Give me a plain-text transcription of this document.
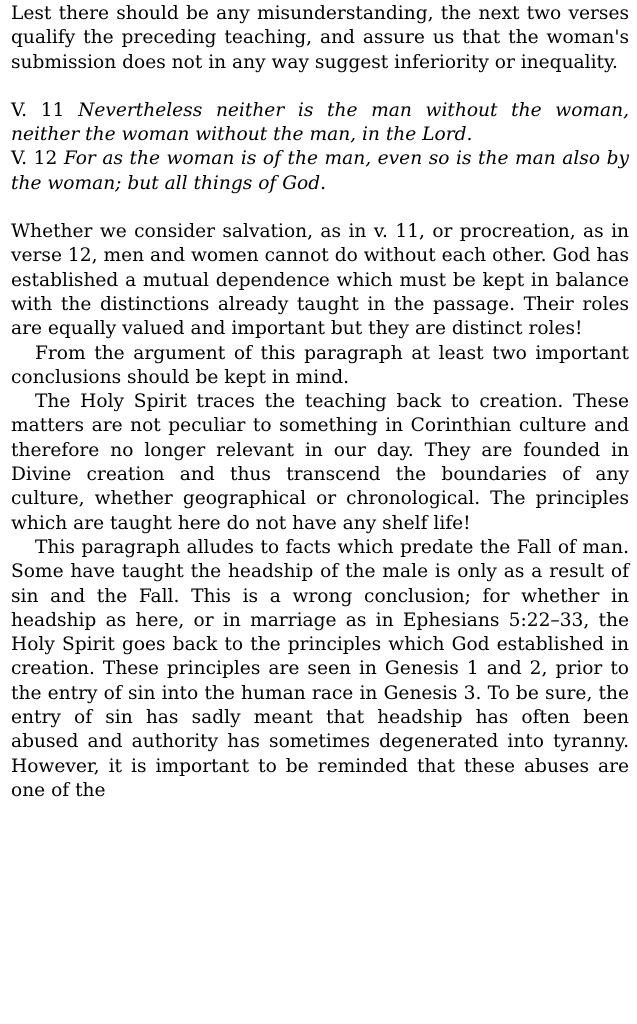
Lest there should be any misunderstanding, the next two verses qualify the preceding teaching, and assure us that the woman's submission does not in any way suggest inferiority or inequality.

V. 11 Nevertheless neither is the man without the woman, neither the woman without the man, in the Lord.

V. 12 For as the woman is of the man, even so is the man also by the woman; but all things of God.

Whether we consider salvation, as in v. 11, or procreation, as in verse 12, men and women cannot do without each other. God has established a mutual dependence which must be kept in balance with the distinctions already taught in the passage. Their roles are equally valued and important but they are distinct roles!

From the argument of this paragraph at least two important conclusions should be kept in mind.

The Holy Spirit traces the teaching back to creation. These matters are not peculiar to something in Corinthian culture and therefore no longer relevant in our day. They are founded in Divine creation and thus transcend the boundaries of any culture, whether geographical or chronological. The principles which are taught here do not have any shelf life!

This paragraph alludes to facts which predate the Fall of man. Some have taught the headship of the male is only as a result of sin and the Fall. This is a wrong conclusion; for whether in headship as here, or in marriage as in Ephesians 5:22–33, the Holy Spirit goes back to the principles which God established in creation. These principles are seen in Genesis 1 and 2, prior to the entry of sin into the human race in Genesis 3. To be sure, the entry of sin has sadly meant that headship has often been abused and authority has sometimes degenerated into tyranny. However, it is important to be reminded that these abuses are one of the
